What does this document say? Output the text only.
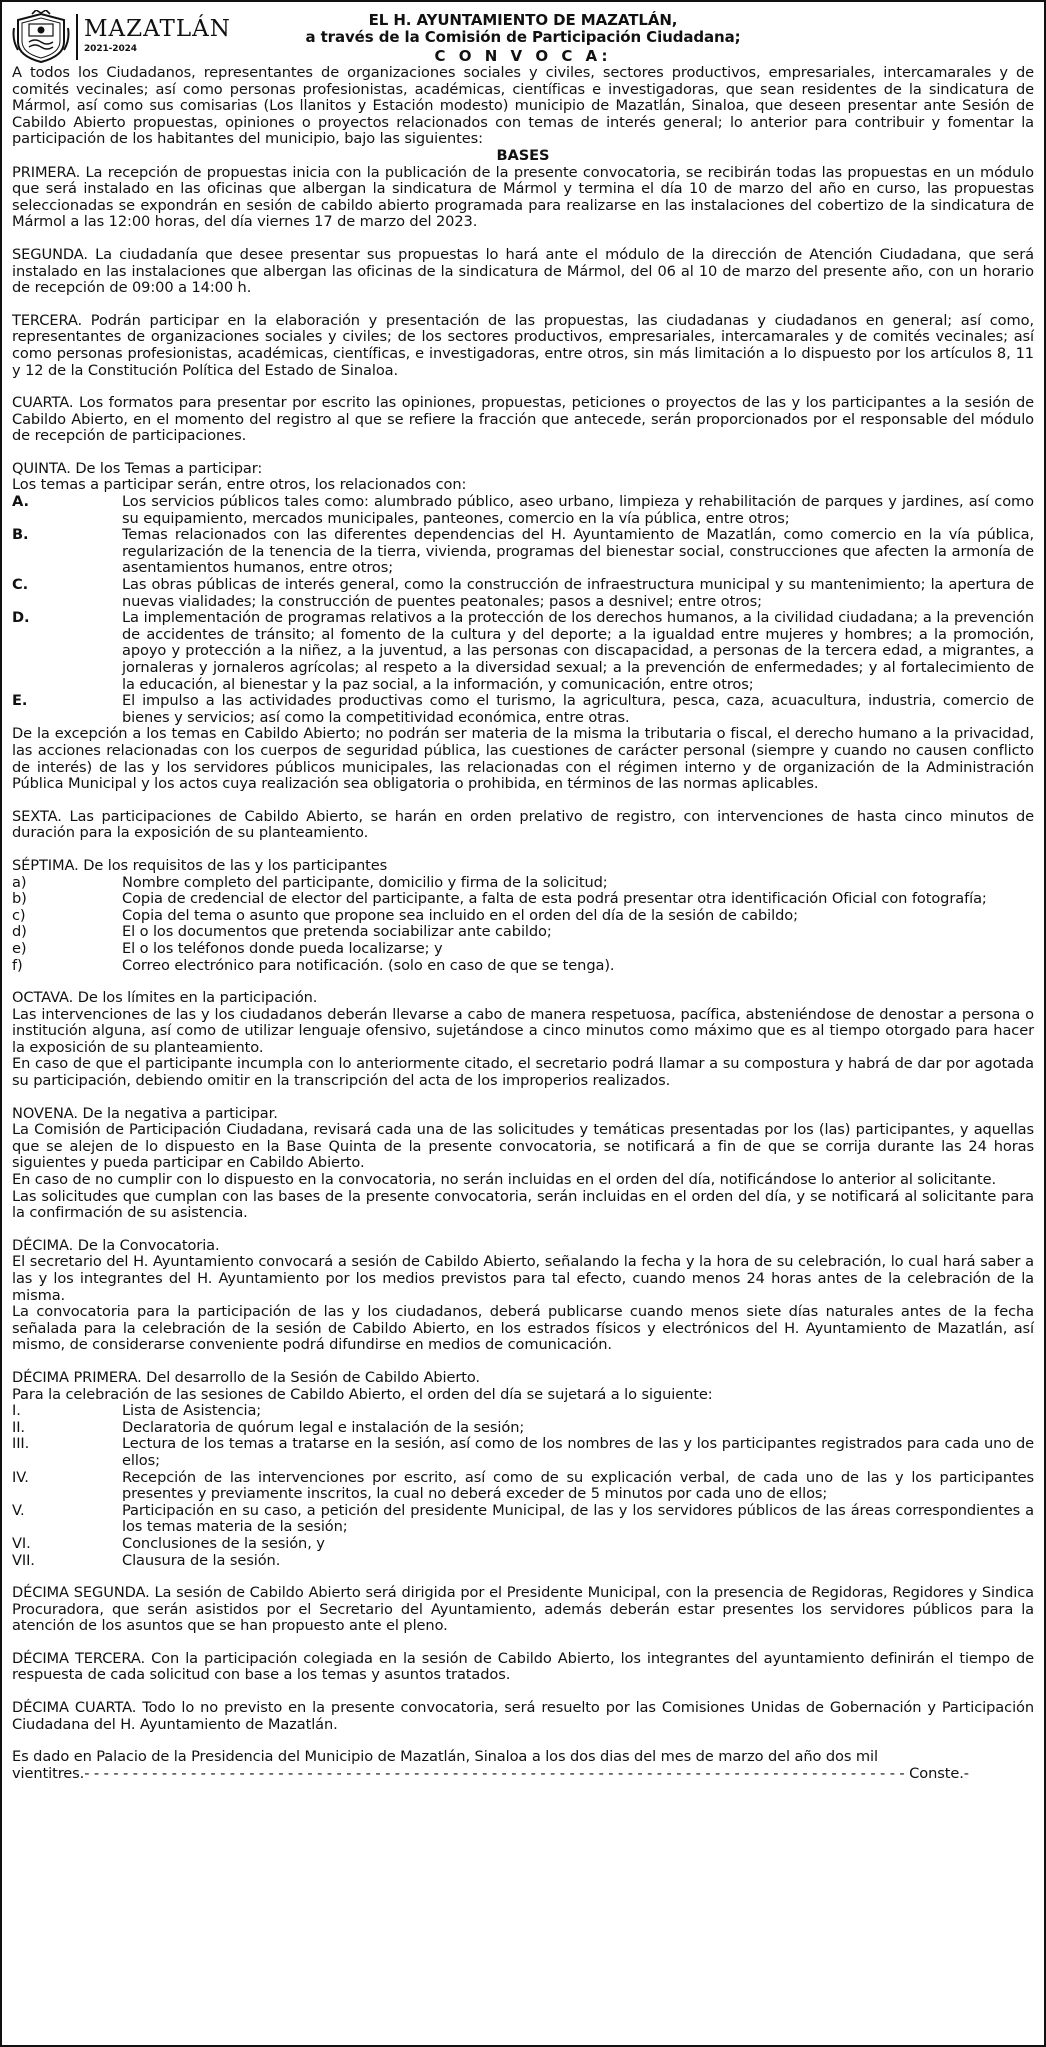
MAZATLÁN
2021-2024
EL H. AYUNTAMIENTO DE MAZATLÁN,
a través de la Comisión de Participación Ciudadana;
C O N V O C A:

A todos los Ciudadanos, representantes de organizaciones sociales y civiles, sectores productivos, empresariales, intercamarales y de comités vecinales; así como personas profesionistas, académicas, científicas e investigadoras, que sean residentes de la sindicatura de Mármol, así como sus comisarias (Los llanitos y Estación modesto) municipio de Mazatlán, Sinaloa, que deseen presentar ante Sesión de Cabildo Abierto propuestas, opiniones o proyectos relacionados con temas de interés general; lo anterior para contribuir y fomentar la participación de los habitantes del municipio, bajo las siguientes:

BASES

PRIMERA. La recepción de propuestas inicia con la publicación de la presente convocatoria, se recibirán todas las propuestas en un módulo que será instalado en las oficinas que albergan la sindicatura de Mármol y termina el día 10 de marzo del año en curso, las propuestas seleccionadas se expondrán en sesión de cabildo abierto programada para realizarse en las instalaciones del cobertizo de la sindicatura de Mármol a las 12:00 horas, del día viernes 17 de marzo del 2023.

SEGUNDA. La ciudadanía que desee presentar sus propuestas lo hará ante el módulo de la dirección de Atención Ciudadana, que será instalado en las instalaciones que albergan las oficinas de la sindicatura de Mármol, del 06 al 10 de marzo del presente año, con un horario de recepción de 09:00 a 14:00 h.

TERCERA. Podrán participar en la elaboración y presentación de las propuestas, las ciudadanas y ciudadanos en general; así como, representantes de organizaciones sociales y civiles; de los sectores productivos, empresariales, intercamarales y de comités vecinales; así como personas profesionistas, académicas, científicas, e investigadoras, entre otros, sin más limitación a lo dispuesto por los artículos 8, 11 y 12 de la Constitución Política del Estado de Sinaloa.

CUARTA. Los formatos para presentar por escrito las opiniones, propuestas, peticiones o proyectos de las y los participantes a la sesión de Cabildo Abierto, en el momento del registro al que se refiere la fracción que antecede, serán proporcionados por el responsable del módulo de recepción de participaciones.

QUINTA. De los Temas a participar:

Los temas a participar serán, entre otros, los relacionados con:

A.	Los servicios públicos tales como: alumbrado público, aseo urbano, limpieza y rehabilitación de parques y jardines, así como su equipamiento, mercados municipales, panteones, comercio en la vía pública, entre otros;
B.	Temas relacionados con las diferentes dependencias del H. Ayuntamiento de Mazatlán, como comercio en la vía pública, regularización de la tenencia de la tierra, vivienda, programas del bienestar social, construcciones que afecten la armonía de asentamientos humanos, entre otros;
C.	Las obras públicas de interés general, como la construcción de infraestructura municipal y su mantenimiento; la apertura de nuevas vialidades; la construcción de puentes peatonales; pasos a desnivel; entre otros;
D.	La implementación de programas relativos a la protección de los derechos humanos, a la civilidad ciudadana; a la prevención de accidentes de tránsito; al fomento de la cultura y del deporte; a la igualdad entre mujeres y hombres; a la promoción, apoyo y protección a la niñez, a la juventud, a las personas con discapacidad, a personas de la tercera edad, a migrantes, a jornaleras y jornaleros agrícolas; al respeto a la diversidad sexual; a la prevención de enfermedades; y al fortalecimiento de la educación, al bienestar y la paz social, a la información, y comunicación, entre otros;
E.	El impulso a las actividades productivas como el turismo, la agricultura, pesca, caza, acuacultura, industria, comercio de bienes y servicios; así como la competitividad económica, entre otras.

De la excepción a los temas en Cabildo Abierto; no podrán ser materia de la misma la tributaria o fiscal, el derecho humano a la privacidad, las acciones relacionadas con los cuerpos de seguridad pública, las cuestiones de carácter personal (siempre y cuando no causen conflicto de interés) de las y los servidores públicos municipales, las relacionadas con el régimen interno y de organización de la Administración Pública Municipal y los actos cuya realización sea obligatoria o prohibida, en términos de las normas aplicables.

SEXTA. Las participaciones de Cabildo Abierto, se harán en orden prelativo de registro, con intervenciones de hasta cinco minutos de duración para la exposición de su planteamiento.

SÉPTIMA. De los requisitos de las y los participantes

a)	Nombre completo del participante, domicilio y firma de la solicitud;
b)	Copia de credencial de elector del participante, a falta de esta podrá presentar otra identificación Oficial con fotografía;
c)	Copia del tema o asunto que propone sea incluido en el orden del día de la sesión de cabildo;
d)	El o los documentos que pretenda sociabilizar ante cabildo;
e)	El o los teléfonos donde pueda localizarse; y
f)	Correo electrónico para notificación. (solo en caso de que se tenga).

OCTAVA. De los límites en la participación.

Las intervenciones de las y los ciudadanos deberán llevarse a cabo de manera respetuosa, pacífica, absteniéndose de denostar a persona o institución alguna, así como de utilizar lenguaje ofensivo, sujetándose a cinco minutos como máximo que es al tiempo otorgado para hacer la exposición de su planteamiento.

En caso de que el participante incumpla con lo anteriormente citado, el secretario podrá llamar a su compostura y habrá de dar por agotada su participación, debiendo omitir en la transcripción del acta de los improperios realizados.

NOVENA. De la negativa a participar.

La Comisión de Participación Ciudadana, revisará cada una de las solicitudes y temáticas presentadas por los (las) participantes, y aquellas que se alejen de lo dispuesto en la Base Quinta de la presente convocatoria, se notificará a fin de que se corrija durante las 24 horas siguientes y pueda participar en Cabildo Abierto.

En caso de no cumplir con lo dispuesto en la convocatoria, no serán incluidas en el orden del día, notificándose lo anterior al solicitante.

Las solicitudes que cumplan con las bases de la presente convocatoria, serán incluidas en el orden del día, y se notificará al solicitante para la confirmación de su asistencia.

DÉCIMA. De la Convocatoria.

El secretario del H. Ayuntamiento convocará a sesión de Cabildo Abierto, señalando la fecha y la hora de su celebración, lo cual hará saber a las y los integrantes del H. Ayuntamiento por los medios previstos para tal efecto, cuando menos 24 horas antes de la celebración de la misma.

La convocatoria para la participación de las y los ciudadanos, deberá publicarse cuando menos siete días naturales antes de la fecha señalada para la celebración de la sesión de Cabildo Abierto, en los estrados físicos y electrónicos del H. Ayuntamiento de Mazatlán, así mismo, de considerarse conveniente podrá difundirse en medios de comunicación.

DÉCIMA PRIMERA. Del desarrollo de la Sesión de Cabildo Abierto.

Para la celebración de las sesiones de Cabildo Abierto, el orden del día se sujetará a lo siguiente:

I.	Lista de Asistencia;
II.	Declaratoria de quórum legal e instalación de la sesión;
III.	Lectura de los temas a tratarse en la sesión, así como de los nombres de las y los participantes registrados para cada uno de ellos;
IV.	Recepción de las intervenciones por escrito, así como de su explicación verbal, de cada uno de las y los participantes presentes y previamente inscritos, la cual no deberá exceder de 5 minutos por cada uno de ellos;
V.	Participación en su caso, a petición del presidente Municipal, de las y los servidores públicos de las áreas correspondientes a los temas materia de la sesión;
VI.	Conclusiones de la sesión, y
VII.	Clausura de la sesión.

DÉCIMA SEGUNDA. La sesión de Cabildo Abierto será dirigida por el Presidente Municipal, con la presencia de Regidoras, Regidores y Sindica Procuradora, que serán asistidos por el Secretario del Ayuntamiento, además deberán estar presentes los servidores públicos para la atención de los asuntos que se han propuesto ante el pleno.

DÉCIMA TERCERA. Con la participación colegiada en la sesión de Cabildo Abierto, los integrantes del ayuntamiento definirán el tiempo de respuesta de cada solicitud con base a los temas y asuntos tratados.

DÉCIMA CUARTA. Todo lo no previsto en la presente convocatoria, será resuelto por las Comisiones Unidas de Gobernación y Participación Ciudadana del H. Ayuntamiento de Mazatlán.

Es dado en Palacio de la Presidencia del Municipio de Mazatlán, Sinaloa a los dos dias del mes de marzo del año dos mil

vientitres.- - - - - - - - - - - - - - - - - - - - - - - - - - - - - - - - - - - - - - - - - - - - - - - - - - - - - - - - - - - - - - - - - - - - - - - - - - - - - - - - - - - - - Conste.-
